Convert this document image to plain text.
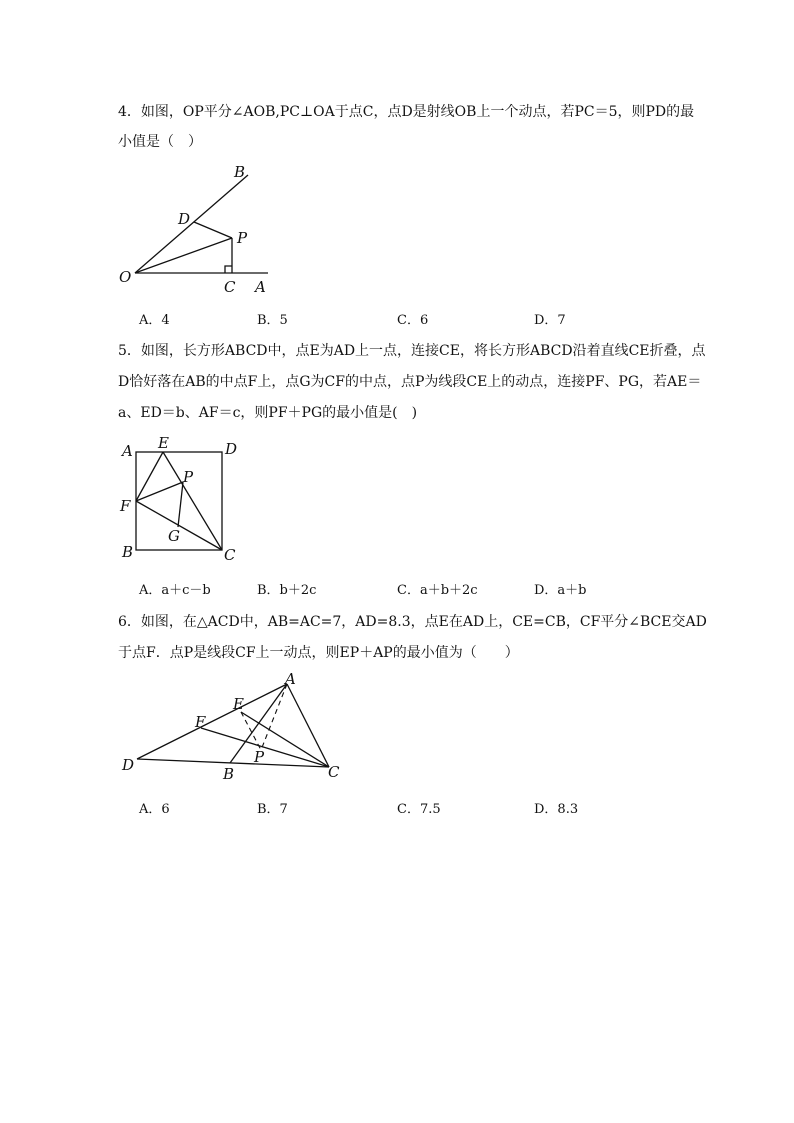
4．如图，OP平分∠AOB,PC⊥OA于点C，点D是射线OB上一个动点，若PC＝5，则PD的最
小值是（　）
B
D
P
O
C A
A．4	B．5	C．6	D．7
5．如图，长方形ABCD中，点E为AD上一点，连接CE，将长方形ABCD沿着直线CE折叠，点
D恰好落在AB的中点F上，点G为CF的中点，点P为线段CE上的动点，连接PF、PG，若AE＝
a、ED＝b、AF＝c，则PF＋PG的最小值是(　)
A E	D
P
F
G
B	C
A．a＋c－b	B．b＋2c	C．a＋b＋2c	D．a＋b
6．如图，在△ACD中，AB=AC=7，AD=8.3，点E在AD上，CE=CB，CF平分∠BCE交AD
于点F．点P是线段CF上一动点，则EP＋AP的最小值为（　　）
A
E
F
P
D	B	C
A．6	B．7	C．7.5	D．8.3
